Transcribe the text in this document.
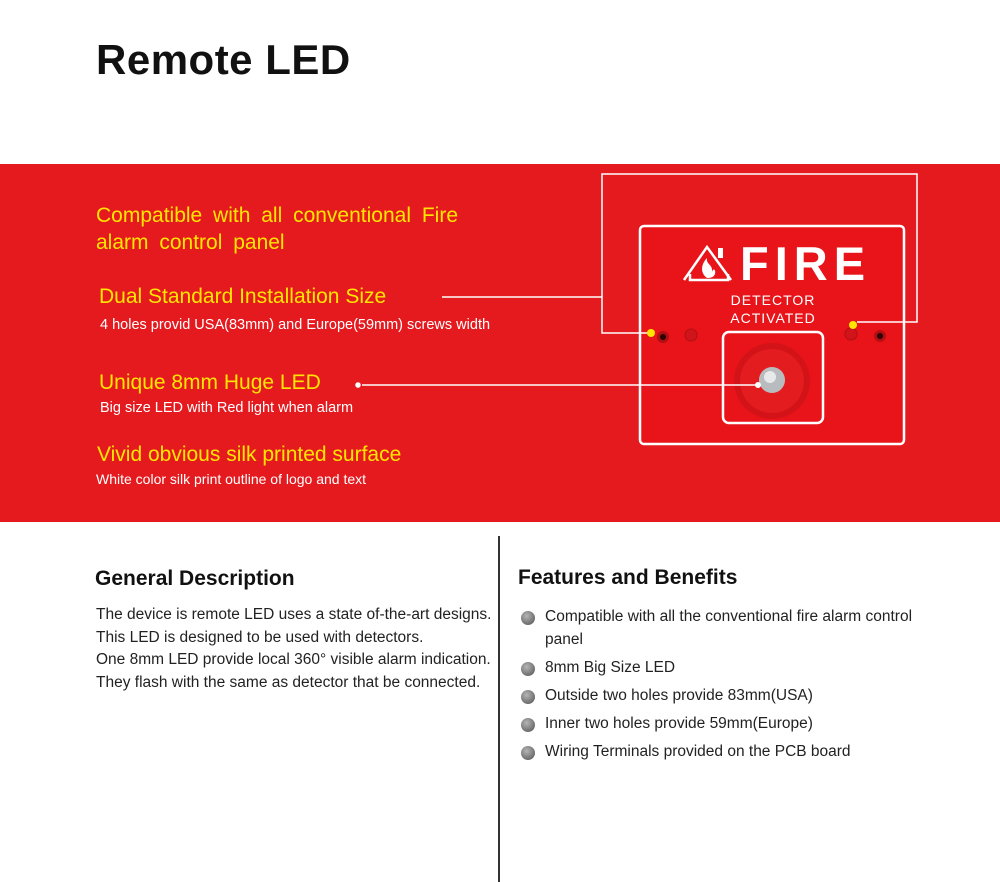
Remote LED
FIRE
DETECTOR
ACTIVATED
Compatible with all conventional Fire alarm control panel
Dual Standard Installation Size
4 holes provid USA(83mm) and Europe(59mm) screws width
Unique 8mm Huge LED
Big size LED with Red light when alarm
Vivid obvious silk printed surface
White color silk print outline of logo and text
General Description

The device is remote LED uses a state of-the-art designs. This LED is designed to be used with detectors.

One 8mm LED provide local 360° visible alarm indication. They flash with the same as detector that be connected.

Features and Benefits
Compatible with all the conventional fire alarm control panel
8mm Big Size LED
Outside two holes provide 83mm(USA)
Inner two holes provide 59mm(Europe)
Wiring Terminals provided on the PCB board
